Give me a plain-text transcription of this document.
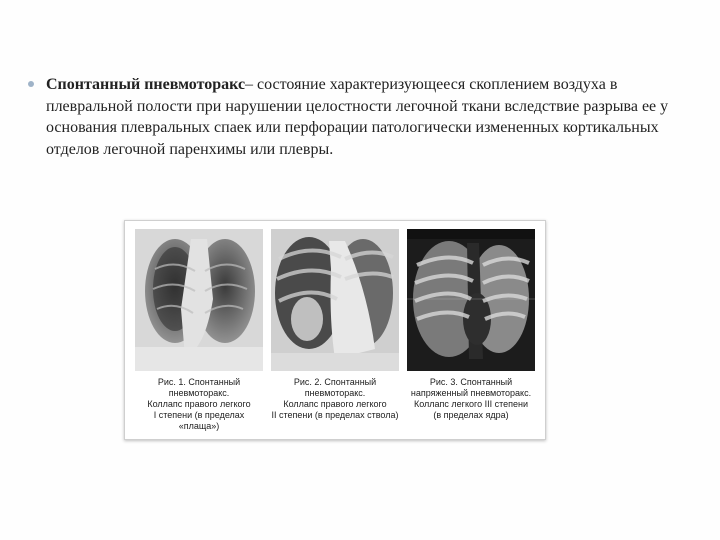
Спонтанный пневмоторакс– состояние характеризующееся скоплением воздуха в плевральной полости при нарушении целостности легочной ткани вследствие разрыва ее у основания плевральных спаек или перфорации патологически измененных кортикальных отделов легочной паренхимы или плевры.
Рис. 1. Спонтанный
пневмоторакс.
Коллапс правого легкого
I степени (в пределах «плаща»)
Рис. 2. Спонтанный
пневмоторакс.
Коллапс правого легкого
II степени (в пределах ствола)
Рис. 3. Спонтанный
напряженный пневмоторакс.
Коллапс легкого III степени
(в пределах ядра)
